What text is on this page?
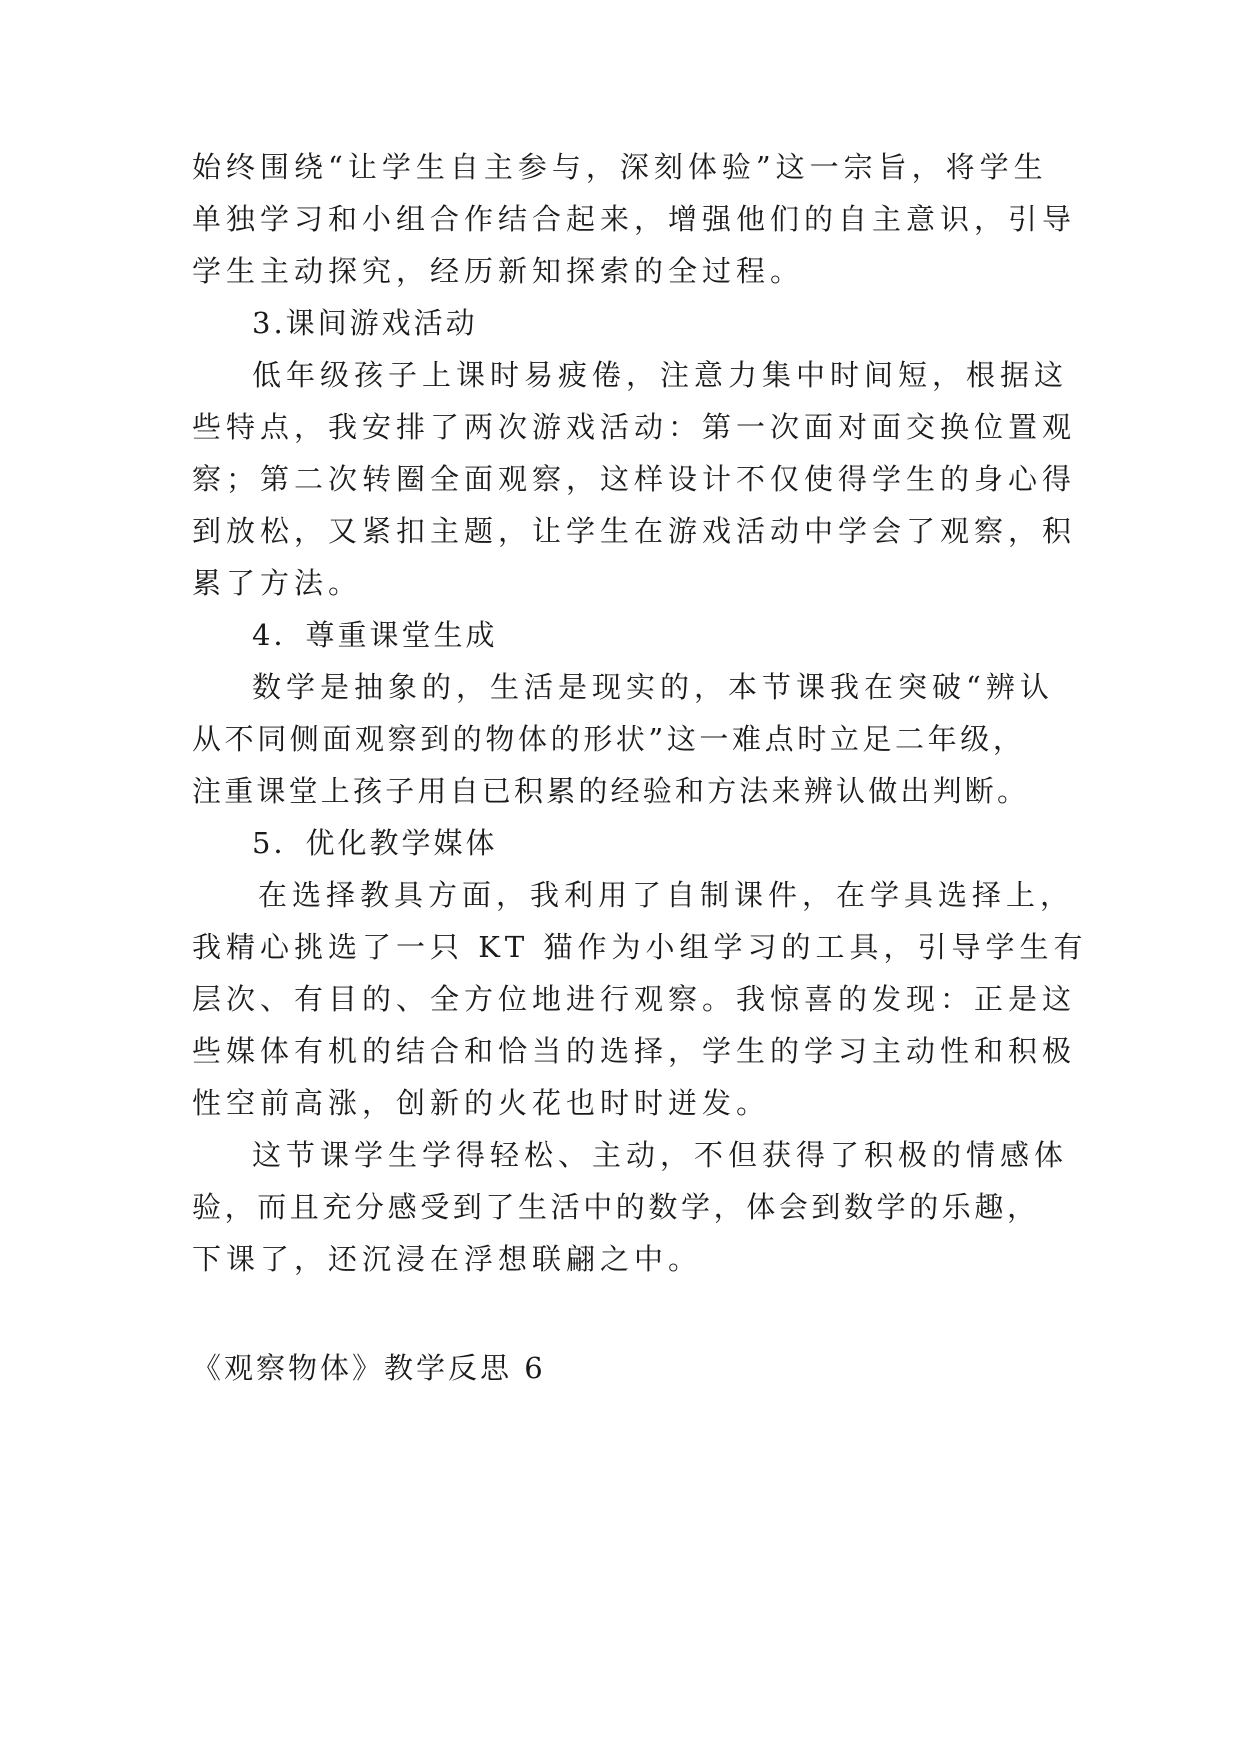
始终围绕“让学生自主参与，深刻体验”这一宗旨，将学生
单独学习和小组合作结合起来，增强他们的自主意识，引导
学生主动探究，经历新知探索的全过程。
3.课间游戏活动
低年级孩子上课时易疲倦，注意力集中时间短，根据这
些特点，我安排了两次游戏活动：第一次面对面交换位置观
察；第二次转圈全面观察，这样设计不仅使得学生的身心得
到放松，又紧扣主题，让学生在游戏活动中学会了观察，积
累了方法。
4．尊重课堂生成
数学是抽象的，生活是现实的，本节课我在突破“辨认
从不同侧面观察到的物体的形状”这一难点时立足二年级，
注重课堂上孩子用自已积累的经验和方法来辨认做出判断。
5．优化教学媒体
在选择教具方面，我利用了自制课件，在学具选择上，
我精心挑选了一只 KT 猫作为小组学习的工具，引导学生有
层次、有目的、全方位地进行观察。我惊喜的发现：正是这
些媒体有机的结合和恰当的选择，学生的学习主动性和积极
性空前高涨，创新的火花也时时迸发。
这节课学生学得轻松、主动，不但获得了积极的情感体
验，而且充分感受到了生活中的数学，体会到数学的乐趣，
下课了，还沉浸在浮想联翩之中。
《观察物体》教学反思 6
